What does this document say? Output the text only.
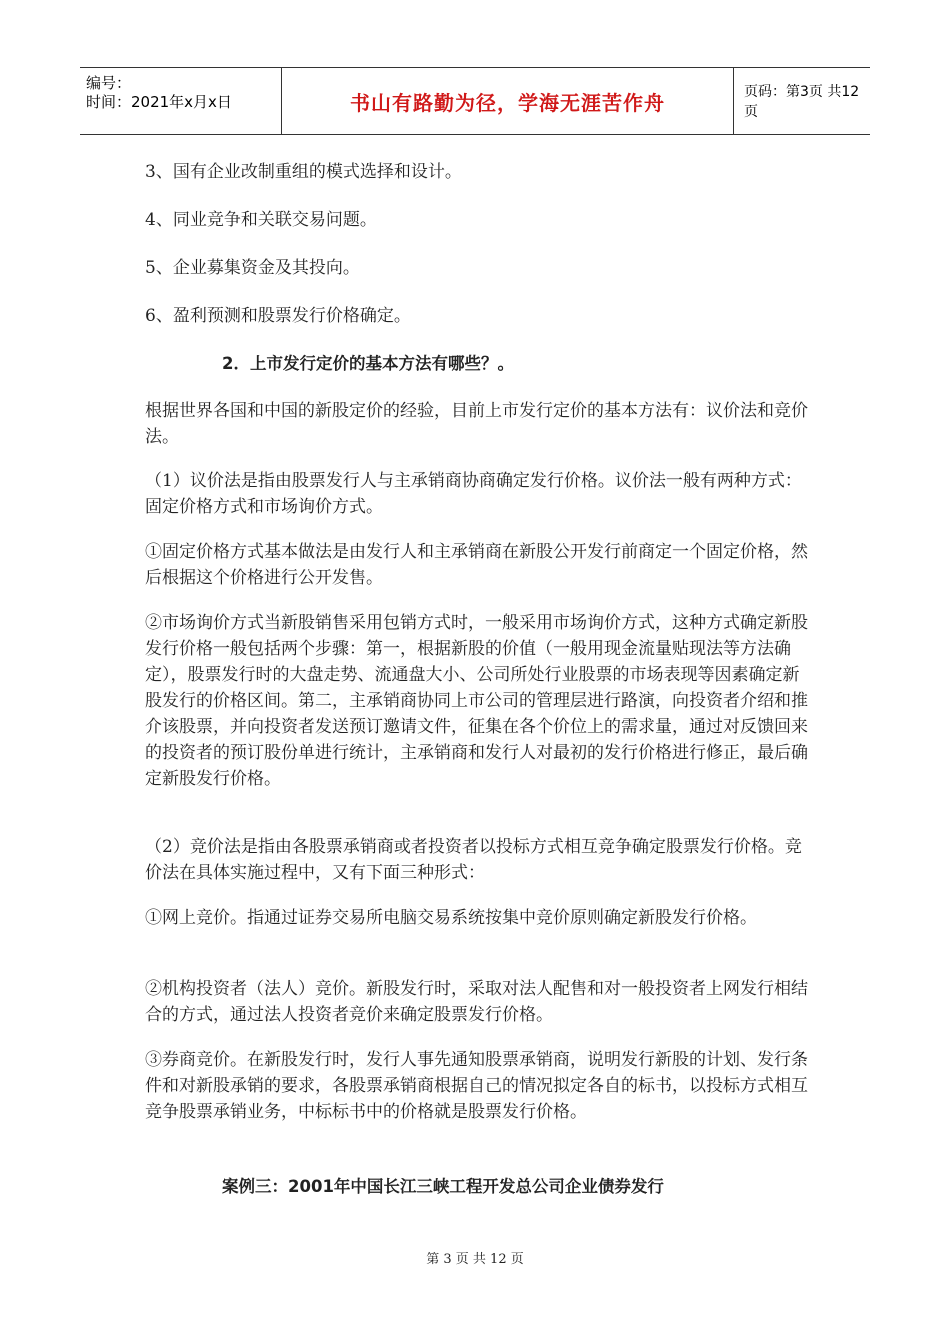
编号：
时间：2021年x月x日	书山有路勤为径，学海无涯苦作舟	页码：第3页 共12页

3、国有企业改制重组的模式选择和设计。

4、同业竞争和关联交易问题。

5、企业募集资金及其投向。

6、盈利预测和股票发行价格确定。

2．上市发行定价的基本方法有哪些？。

根据世界各国和中国的新股定价的经验，目前上市发行定价的基本方法有：议价法和竞价法。

（1）议价法是指由股票发行人与主承销商协商确定发行价格。议价法一般有两种方式：固定价格方式和市场询价方式。

①固定价格方式基本做法是由发行人和主承销商在新股公开发行前商定一个固定价格，然后根据这个价格进行公开发售。

②市场询价方式当新股销售采用包销方式时，一般采用市场询价方式，这种方式确定新股发行价格一般包括两个步骤：第一，根据新股的价值（一般用现金流量贴现法等方法确定），股票发行时的大盘走势、流通盘大小、公司所处行业股票的市场表现等因素确定新股发行的价格区间。第二，主承销商协同上市公司的管理层进行路演，向投资者介绍和推介该股票，并向投资者发送预订邀请文件，征集在各个价位上的需求量，通过对反馈回来的投资者的预订股份单进行统计，主承销商和发行人对最初的发行价格进行修正，最后确定新股发行价格。

（2）竞价法是指由各股票承销商或者投资者以投标方式相互竞争确定股票发行价格。竞价法在具体实施过程中，又有下面三种形式：

①网上竞价。指通过证券交易所电脑交易系统按集中竞价原则确定新股发行价格。

②机构投资者（法人）竞价。新股发行时，采取对法人配售和对一般投资者上网发行相结合的方式，通过法人投资者竞价来确定股票发行价格。

③券商竞价。在新股发行时，发行人事先通知股票承销商，说明发行新股的计划、发行条件和对新股承销的要求，各股票承销商根据自己的情况拟定各自的标书，以投标方式相互竞争股票承销业务，中标标书中的价格就是股票发行价格。

案例三：2001年中国长江三峡工程开发总公司企业债券发行
第 3 页 共 12 页
